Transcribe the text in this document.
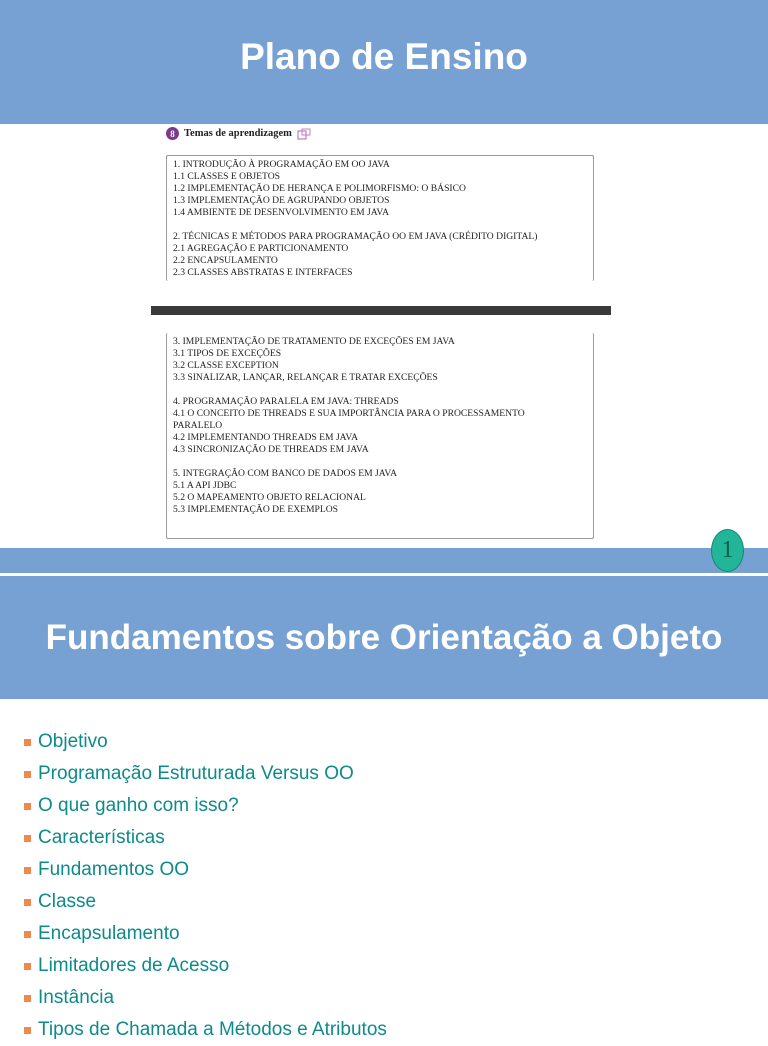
Plano de Ensino
8 Temas de aprendizagem
1. INTRODUÇÃO À PROGRAMAÇÃO EM OO JAVA
1.1 CLASSES E OBJETOS
1.2 IMPLEMENTAÇÃO DE HERANÇA E POLIMORFISMO: O BÁSICO
1.3 IMPLEMENTAÇÃO DE AGRUPANDO OBJETOS
1.4 AMBIENTE DE DESENVOLVIMENTO EM JAVA
2. TÉCNICAS E MÉTODOS PARA PROGRAMAÇÃO OO EM JAVA (CRÉDITO DIGITAL)
2.1 AGREGAÇÃO E PARTICIONAMENTO
2.2 ENCAPSULAMENTO
2.3 CLASSES ABSTRATAS E INTERFACES
3. IMPLEMENTAÇÃO DE TRATAMENTO DE EXCEÇÕES EM JAVA
3.1 TIPOS DE EXCEÇÕES
3.2 CLASSE EXCEPTION
3.3 SINALIZAR, LANÇAR, RELANÇAR E TRATAR EXCEÇÕES
4. PROGRAMAÇÃO PARALELA EM JAVA: THREADS
4.1 O CONCEITO DE THREADS E SUA IMPORTÂNCIA PARA O PROCESSAMENTO
PARALELO
4.2 IMPLEMENTANDO THREADS EM JAVA
4.3 SINCRONIZAÇÃO DE THREADS EM JAVA
5. INTEGRAÇÃO COM BANCO DE DADOS EM JAVA
5.1 A API JDBC
5.2 O MAPEAMENTO OBJETO RELACIONAL
5.3 IMPLEMENTAÇÃO DE EXEMPLOS
1
Fundamentos sobre Orientação a Objeto
Objetivo
Programação Estruturada Versus OO
O que ganho com isso?
Características
Fundamentos OO
Classe
Encapsulamento
Limitadores de Acesso
Instância
Tipos de Chamada a Métodos e Atributos
